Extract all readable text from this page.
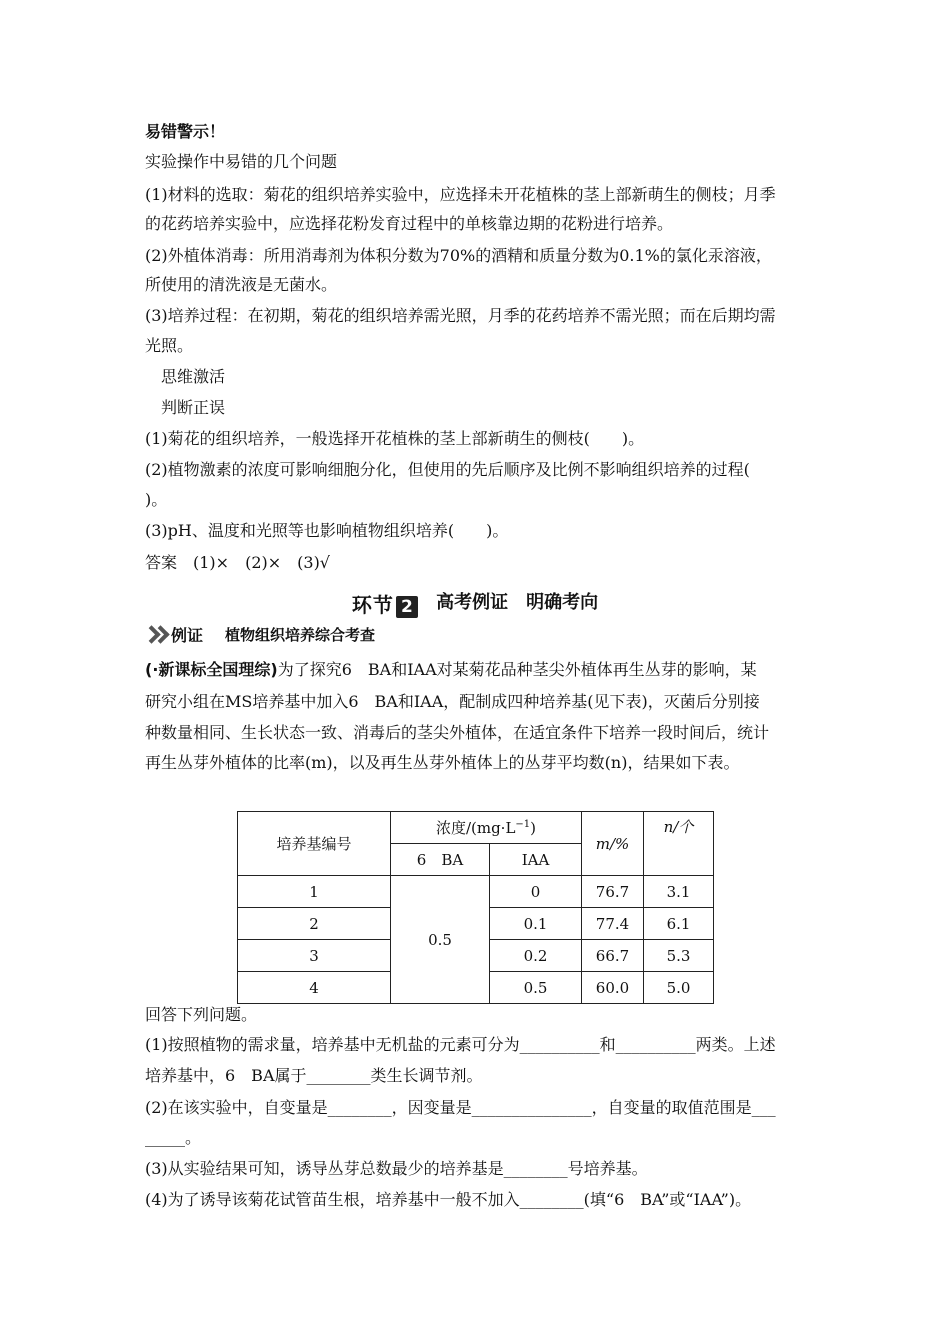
易错警示！
实验操作中易错的几个问题
(1)材料的选取：菊花的组织培养实验中，应选择未开花植株的茎上部新萌生的侧枝；月季
的花药培养实验中，应选择花粉发育过程中的单核靠边期的花粉进行培养。
(2)外植体消毒：所用消毒剂为体积分数为70%的酒精和质量分数为0.1%的氯化汞溶液，
所使用的清洗液是无菌水。
(3)培养过程：在初期，菊花的组织培养需光照，月季的花药培养不需光照；而在后期均需
光照。
思维激活
判断正误
(1)菊花的组织培养，一般选择开花植株的茎上部新萌生的侧枝(　　)。
(2)植物激素的浓度可影响细胞分化，但使用的先后顺序及比例不影响组织培养的过程(
)。
(3)pH、温度和光照等也影响植物组织培养(　　)。
答案　(1)×　(2)×　(3)√
环节 2 高考例证　明确考向
例证 植物组织培养综合考查
(·新课标全国理综)为了探究6　BA和IAA对某菊花品种茎尖外植体再生丛芽的影响，某
研究小组在MS培养基中加入6　BA和IAA，配制成四种培养基(见下表)，灭菌后分别接
种数量相同、生长状态一致、消毒后的茎尖外植体，在适宜条件下培养一段时间后，统计
再生丛芽外植体的比率(m)，以及再生丛芽外植体上的丛芽平均数(n)，结果如下表。
培养基编号	浓度$/(mg\cdot L^{-1})$		m/%	n/个
	6　BA	IAA		
1	0.5	0	76.7	3.1
2		0.1	77.4	6.1
3		0.2	66.7	5.3
4		0.5	60.0	5.0
回答下列问题。
(1)按照植物的需求量，培养基中无机盐的元素可分为__________和__________两类。上述
培养基中，6　BA属于________类生长调节剂。
(2)在该实验中，自变量是________，因变量是_______________，自变量的取值范围是___
_____。
(3)从实验结果可知，诱导丛芽总数最少的培养基是________号培养基。
(4)为了诱导该菊花试管苗生根，培养基中一般不加入________(填“6　BA”或“IAA”)。
